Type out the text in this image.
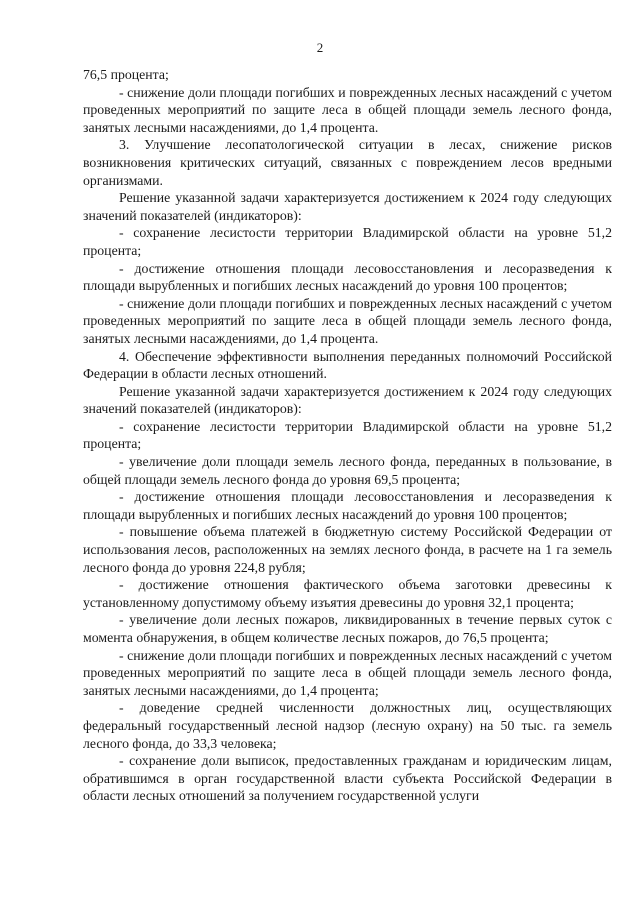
2

76,5 процента;

- снижение доли площади погибших и поврежденных лесных насаждений с учетом проведенных мероприятий по защите леса в общей площади земель лесного фонда, занятых лесными насаждениями, до 1,4 процента.

3. Улучшение лесопатологической ситуации в лесах, снижение рисков возникновения критических ситуаций, связанных с повреждением лесов вредными организмами.

Решение указанной задачи характеризуется достижением к 2024 году следующих значений показателей (индикаторов):

- сохранение лесистости территории Владимирской области на уровне 51,2 процента;

- достижение отношения площади лесовосстановления и лесоразведения к площади вырубленных и погибших лесных насаждений до уровня 100 процентов;

- снижение доли площади погибших и поврежденных лесных насаждений с учетом проведенных мероприятий по защите леса в общей площади земель лесного фонда, занятых лесными насаждениями, до 1,4 процента.

4. Обеспечение эффективности выполнения переданных полномочий Российской Федерации в области лесных отношений.

Решение указанной задачи характеризуется достижением к 2024 году следующих значений показателей (индикаторов):

- сохранение лесистости территории Владимирской области на уровне 51,2 процента;

- увеличение доли площади земель лесного фонда, переданных в пользование, в общей площади земель лесного фонда до уровня 69,5 процента;

- достижение отношения площади лесовосстановления и лесоразведения к площади вырубленных и погибших лесных насаждений до уровня 100 процентов;

- повышение объема платежей в бюджетную систему Российской Федерации от использования лесов, расположенных на землях лесного фонда, в расчете на 1 га земель лесного фонда до уровня 224,8 рубля;

- достижение отношения фактического объема заготовки древесины к установленному допустимому объему изъятия древесины до уровня 32,1 процента;

- увеличение доли лесных пожаров, ликвидированных в течение первых суток с момента обнаружения, в общем количестве лесных пожаров, до 76,5 процента;

- снижение доли площади погибших и поврежденных лесных насаждений с учетом проведенных мероприятий по защите леса в общей площади земель лесного фонда, занятых лесными насаждениями, до 1,4 процента;

- доведение средней численности должностных лиц, осуществляющих федеральный государственный лесной надзор (лесную охрану) на 50 тыс. га земель лесного фонда, до 33,3 человека;

- сохранение доли выписок, предоставленных гражданам и юридическим лицам, обратившимся в орган государственной власти субъекта Российской Федерации в области лесных отношений за получением государственной услуги
